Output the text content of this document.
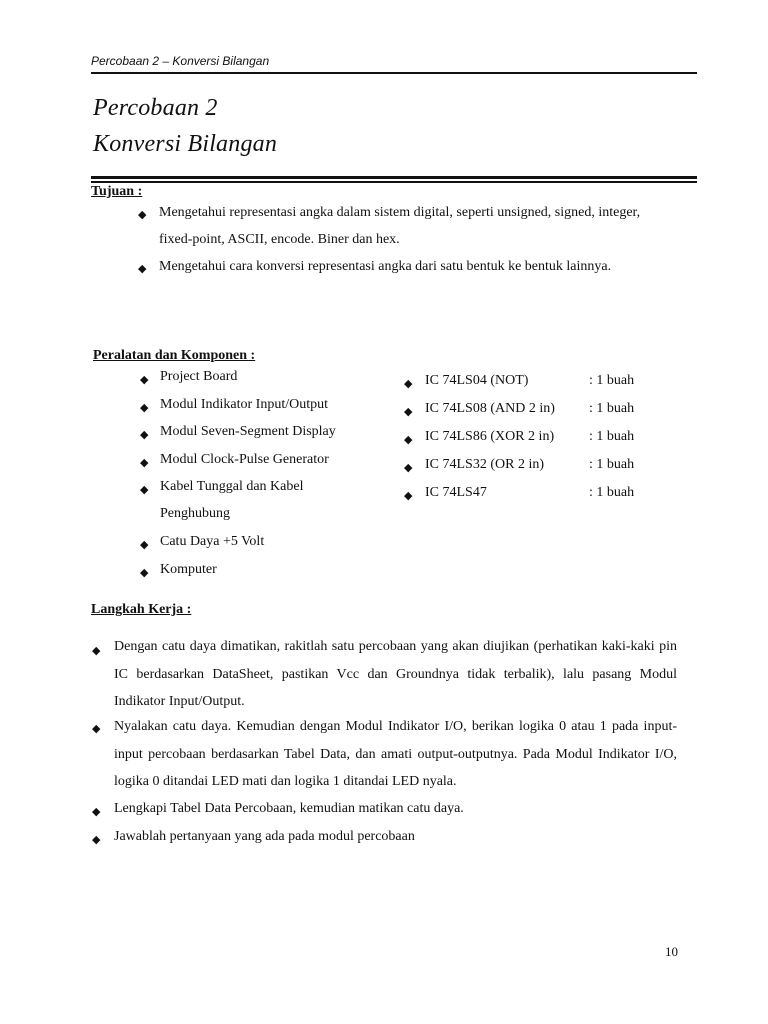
Percobaan 2 – Konversi Bilangan
Percobaan 2
Konversi Bilangan
Tujuan :
◆ Mengetahui representasi angka dalam sistem digital, seperti unsigned, signed, integer,
fixed-point, ASCII, encode. Biner dan hex.
◆ Mengetahui cara konversi representasi angka dari satu bentuk ke bentuk lainnya.
Peralatan dan Komponen :
◆ Project Board
◆ Modul Indikator Input/Output
◆ Modul Seven-Segment Display
◆ Modul Clock-Pulse Generator
◆ Kabel Tunggal dan Kabel
Penghubung
◆ Catu Daya +5 Volt
◆ Komputer
◆ IC 74LS04 (NOT)	: 1 buah
◆ IC 74LS08 (AND 2 in) : 1 buah
◆ IC 74LS86 (XOR 2 in) : 1 buah
◆ IC 74LS32 (OR 2 in)	: 1 buah
◆ IC 74LS47	: 1 buah
Langkah Kerja :
◆ Dengan catu daya dimatikan, rakitlah satu percobaan yang akan diujikan (perhatikan kaki-kaki pin IC berdasarkan DataSheet, pastikan Vcc dan Groundnya tidak terbalik), lalu pasang Modul Indikator Input/Output.
◆ Nyalakan catu daya. Kemudian dengan Modul Indikator I/O, berikan logika 0 atau 1 pada input-input percobaan berdasarkan Tabel Data, dan amati output-outputnya. Pada Modul Indikator I/O, logika 0 ditandai LED mati dan logika 1 ditandai LED nyala.
◆ Lengkapi Tabel Data Percobaan, kemudian matikan catu daya.
◆ Jawablah pertanyaan yang ada pada modul percobaan
10
